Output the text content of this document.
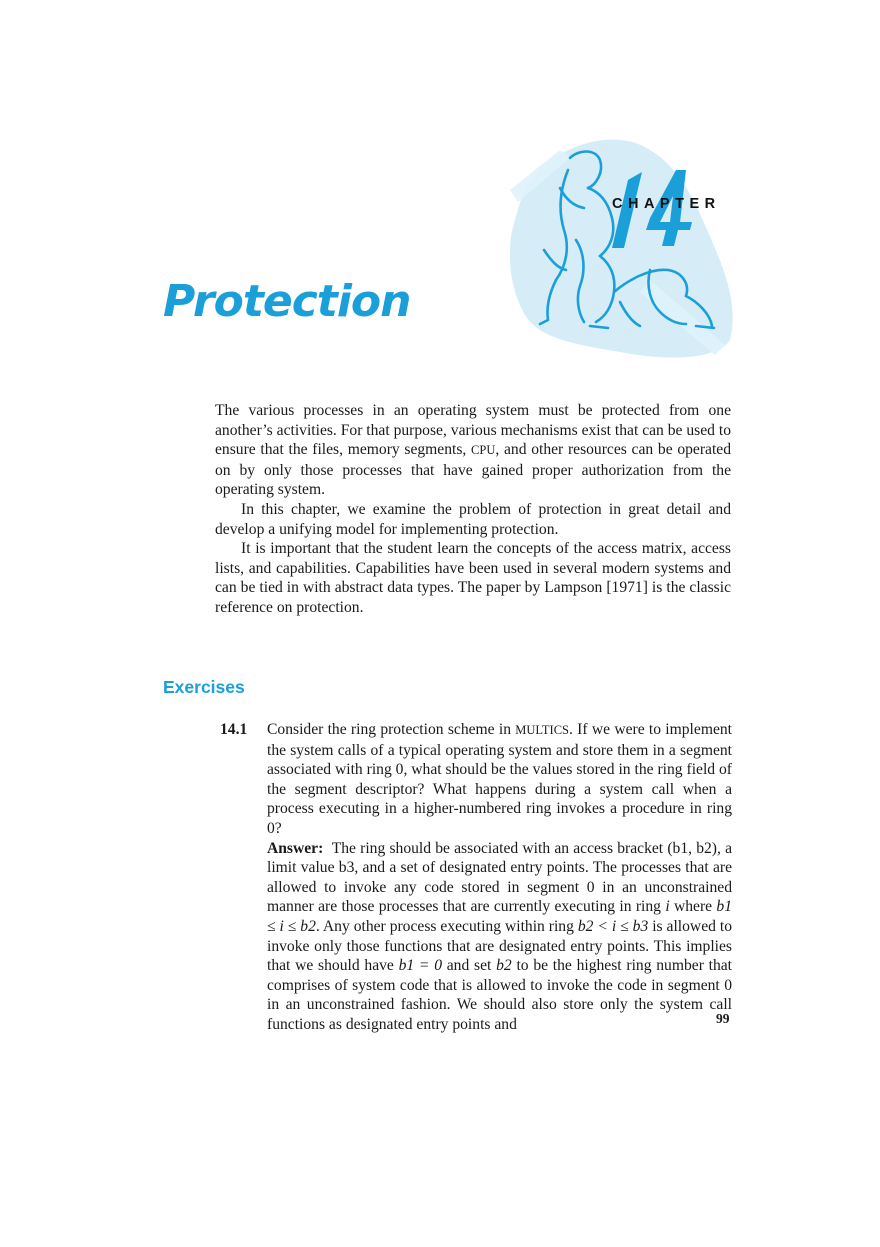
CHAPTER
Protection

The various processes in an operating system must be protected from one another’s activities. For that purpose, various mechanisms exist that can be used to ensure that the files, memory segments, CPU, and other resources can be operated on by only those processes that have gained proper authorization from the operating system.

In this chapter, we examine the problem of protection in great detail and develop a unifying model for implementing protection.

It is important that the student learn the concepts of the access matrix, access lists, and capabilities. Capabilities have been used in several modern systems and can be tied in with abstract data types. The paper by Lampson [1971] is the classic reference on protection.

Exercises
14.1 Consider the ring protection scheme in MULTICS. If we were to implement the system calls of a typical operating system and store them in a segment associated with ring 0, what should be the values stored in the ring field of the segment descriptor? What happens during a system call when a process executing in a higher-numbered ring invokes a procedure in ring 0?

Answer: The ring should be associated with an access bracket (b1, b2), a limit value b3, and a set of designated entry points. The processes that are allowed to invoke any code stored in segment 0 in an unconstrained manner are those processes that are currently executing in ring i where b1 ≤ i ≤ b2. Any other process executing within ring b2 < i ≤ b3 is allowed to invoke only those functions that are designated entry points. This implies that we should have b1 = 0 and set b2 to be the highest ring number that comprises of system code that is allowed to invoke the code in segment 0 in an unconstrained fashion. We should also store only the system call functions as designated entry points and	99
